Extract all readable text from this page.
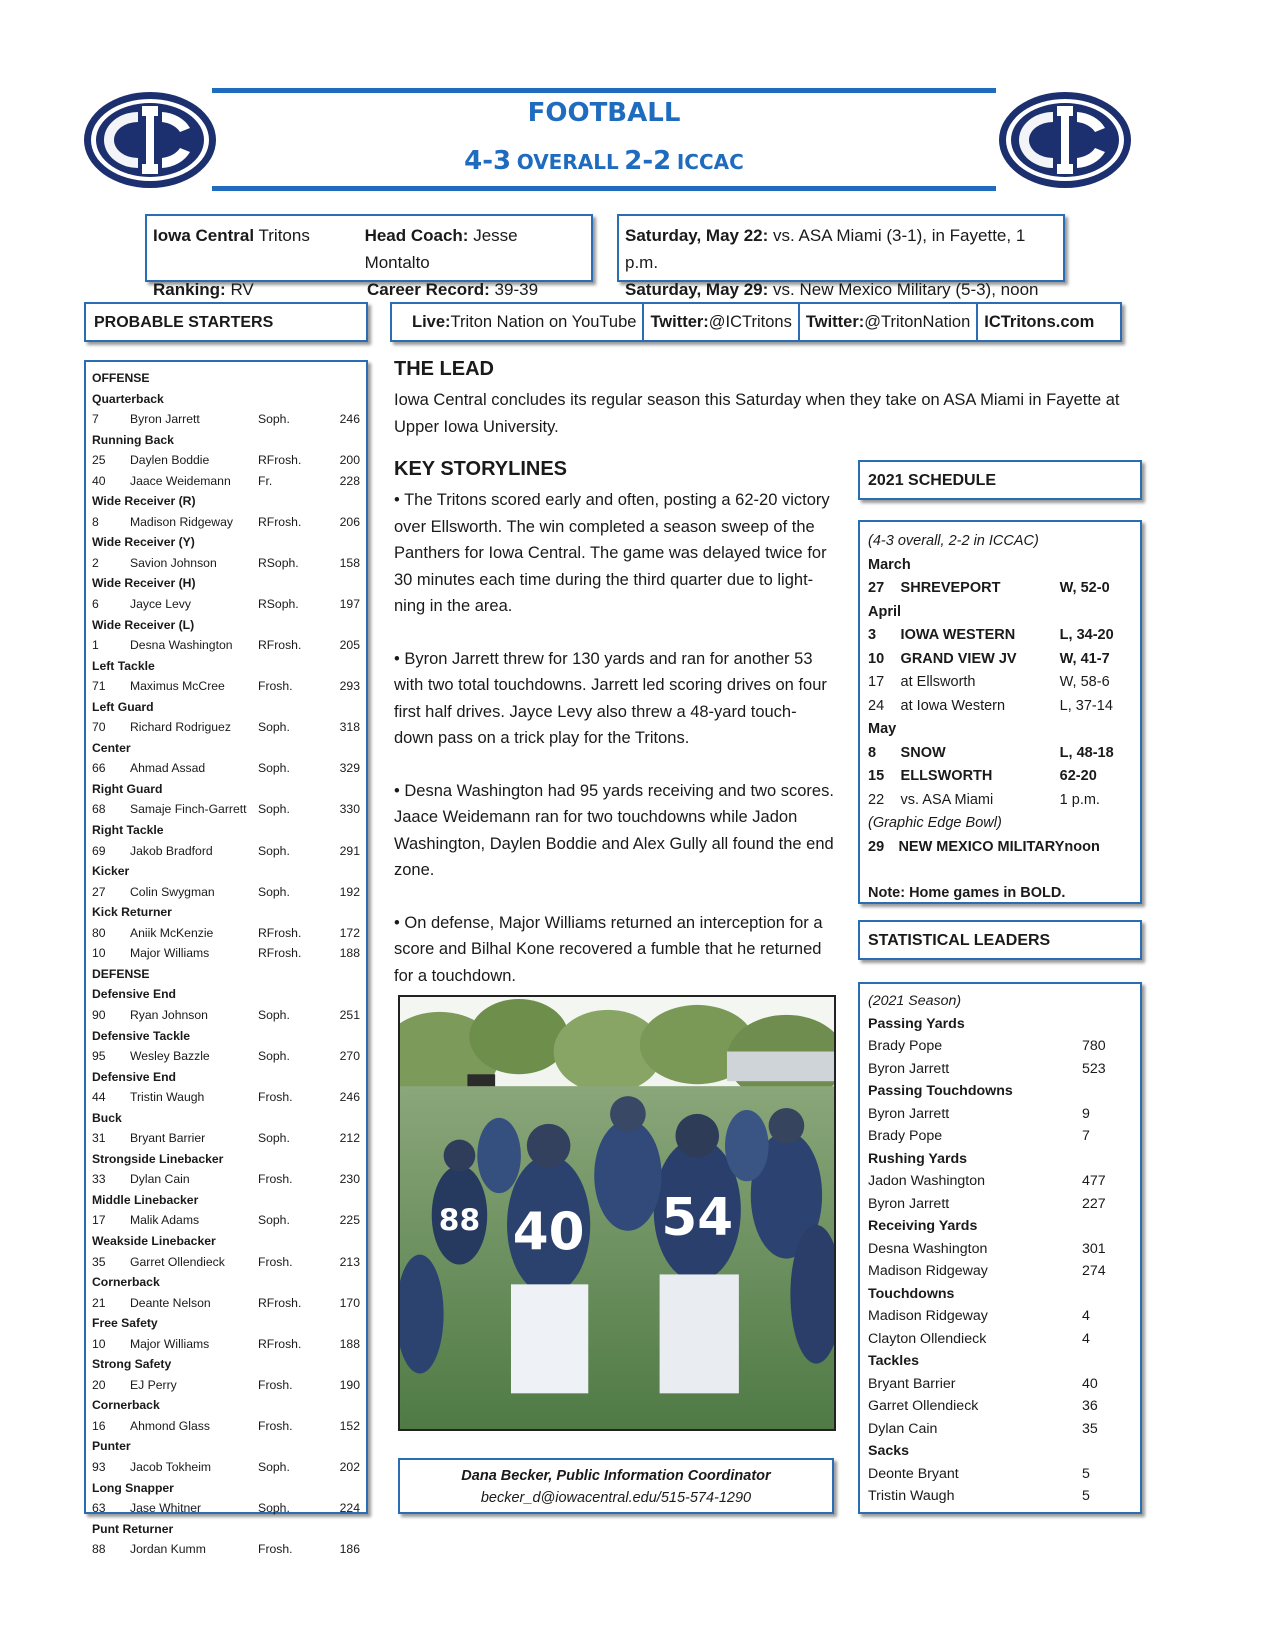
FOOTBALL
4-3 OVERALL 2-2 ICCAC
Iowa Central Tritons	Head Coach: Jesse Montalto
Ranking: RV	Career Record: 39-39
Saturday, May 22: vs. ASA Miami (3-1), in Fayette, 1 p.m.
Saturday, May 29: vs. New Mexico Military (5-3), noon
PROBABLE STARTERS	Live: Triton Nation on YouTube Twitter: @ICTritons Twitter: @TritonNation ICTritons.com
OFFENSE
Quarterback
7	Byron Jarrett	Soph.	246
Running Back
25	Daylen Boddie	RFrosh.	200
40	Jaace Weidemann	Fr.	228
Wide Receiver (R)
8	Madison Ridgeway	RFrosh.	206
Wide Receiver (Y)
2	Savion Johnson	RSoph.	158
Wide Receiver (H)
6	Jayce Levy	RSoph.	197
Wide Receiver (L)
1	Desna Washington	RFrosh.	205
Left Tackle
71	Maximus McCree	Frosh.	293
Left Guard
70	Richard Rodriguez	Soph.	318
Center
66	Ahmad Assad	Soph.	329
Right Guard
68	Samaje Finch-Garrett Soph.	330
Right Tackle
69	Jakob Bradford	Soph.	291
Kicker
27	Colin Swygman	Soph.	192
Kick Returner
80	Aniik McKenzie	RFrosh.	172
10	Major Williams	RFrosh.	188
DEFENSE
Defensive End
90	Ryan Johnson	Soph.	251
Defensive Tackle
95	Wesley Bazzle	Soph.	270
Defensive End
44	Tristin Waugh	Frosh.	246
Buck
31	Bryant Barrier	Soph.	212
Strongside Linebacker
33	Dylan Cain	Frosh.	230
Middle Linebacker
17	Malik Adams	Soph.	225
Weakside Linebacker
35	Garret Ollendieck	Frosh.	213
Cornerback
21	Deante Nelson	RFrosh.	170
Free Safety
10	Major Williams	RFrosh.	188
Strong Safety
20	EJ Perry	Frosh.	190
Cornerback
16	Ahmond Glass	Frosh.	152
Punter
93	Jacob Tokheim	Soph.	202
Long Snapper
63	Jase Whitner	Soph.	224
Punt Returner
88	Jordan Kumm	Frosh.	186
THE LEAD

Iowa Central concludes its regular season this Saturday when they take on ASA Miami in Fayette at Upper Iowa University.

KEY STORYLINES

• The Tritons scored early and often, posting a 62-20 victory over Ellsworth. The win completed a season sweep of the Panthers for Iowa Central. The game was delayed twice for 30 minutes each time during the third quarter due to light-ning in the area.

• Byron Jarrett threw for 130 yards and ran for another 53 with two total touchdowns. Jarrett led scoring drives on four first half drives. Jayce Levy also threw a 48-yard touch-down pass on a trick play for the Tritons.

• Desna Washington had 95 yards receiving and two scores. Jaace Weidemann ran for two touchdowns while Jadon Washington, Daylen Boddie and Alex Gully all found the end zone.

• On defense, Major Williams returned an interception for a score and Bilhal Kone recovered a fumble that he returned for a touchdown.

2021 SCHEDULE
(4-3 overall, 2-2 in ICCAC)
March
27	SHREVEPORT	W, 52-0
April
3	IOWA WESTERN	L, 34-20
10	GRAND VIEW JV	W, 41-7
17	at Ellsworth	W, 58-6
24	at Iowa Western	L, 37-14
May
8	SNOW	L, 48-18
15	ELLSWORTH	62-20
22	vs. ASA Miami	1 p.m.
(Graphic Edge Bowl)
29 NEW MEXICO MILITARY noon
Note: Home games in BOLD.
STATISTICAL LEADERS
(2021 Season)
Passing Yards
Brady Pope	780
Byron Jarrett	523
Passing Touchdowns
Byron Jarrett	9
Brady Pope	7
Rushing Yards
Jadon Washington	477
Byron Jarrett	227
Receiving Yards
Desna Washington	301
Madison Ridgeway	274
Touchdowns
Madison Ridgeway	4
Clayton Ollendieck	4
Tackles
Bryant Barrier	40
Garret Ollendieck	36
Dylan Cain	35
Sacks
Deonte Bryant	5
Tristin Waugh	5
40 54
88
Dana Becker, Public Information Coordinator
becker_d@iowacentral.edu/515-574-1290
